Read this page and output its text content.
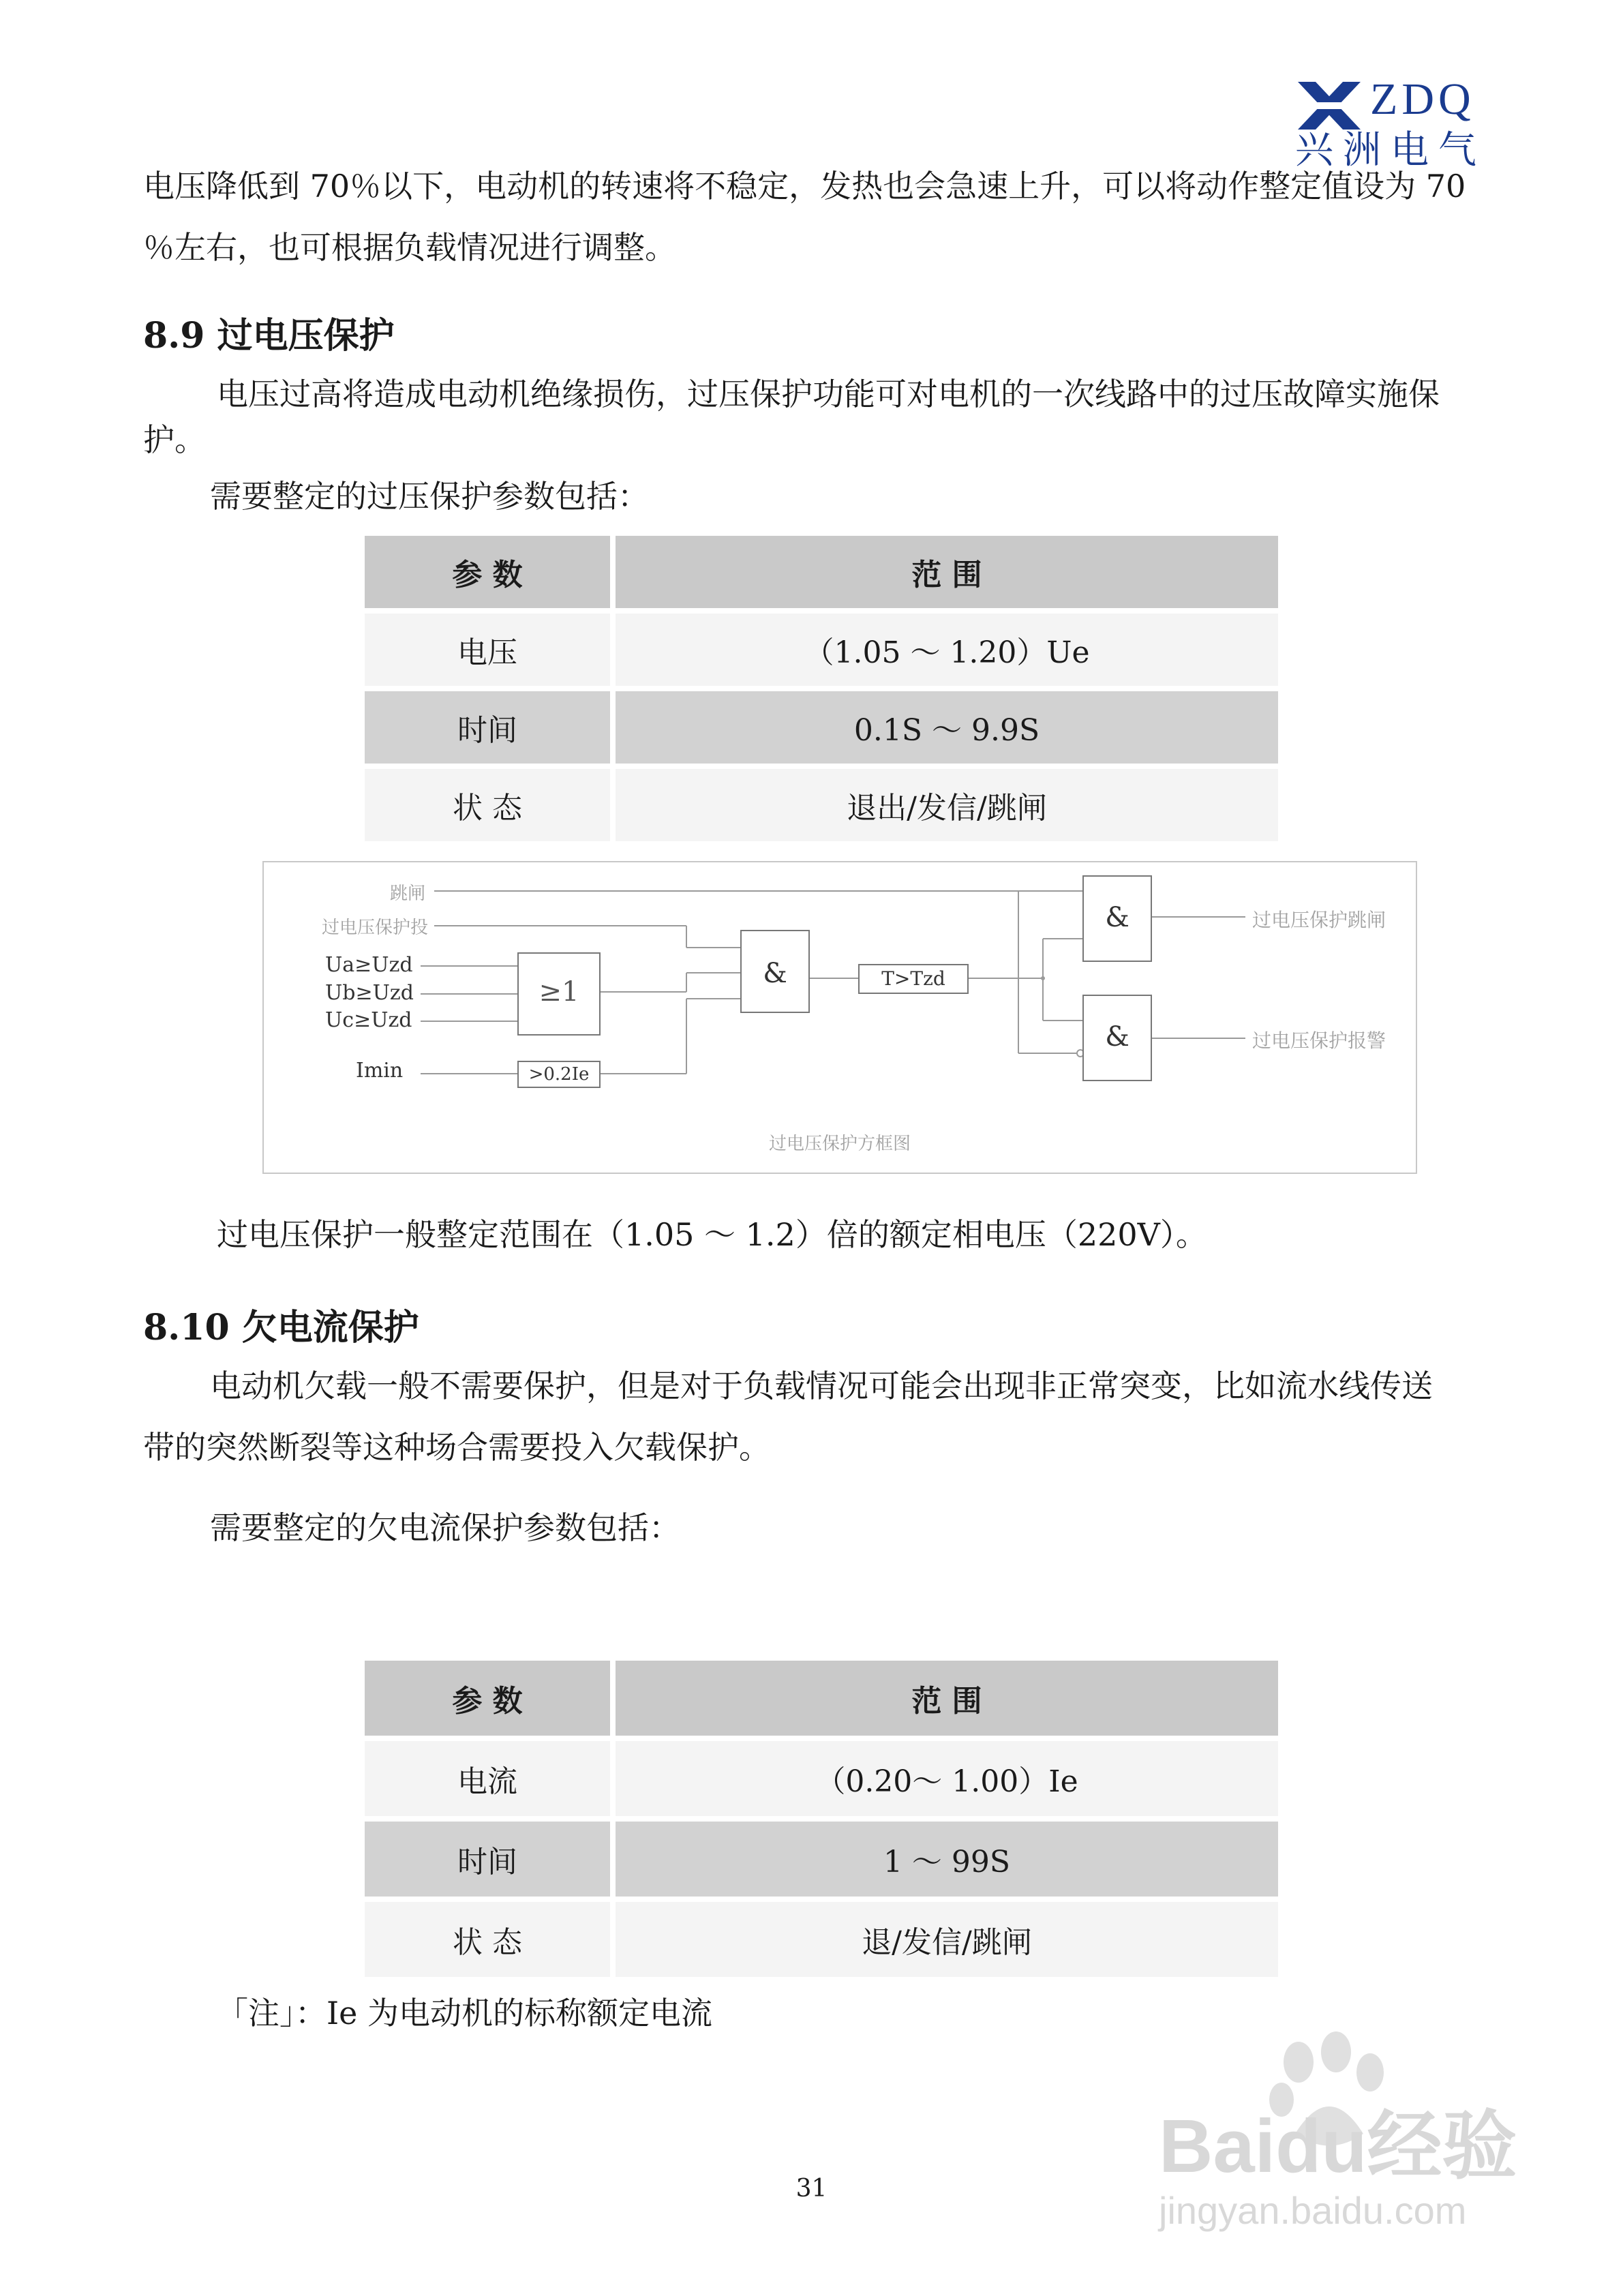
ZDQ
兴洲电气

电压降低到 70％以下，电动机的转速将不稳定，发热也会急速上升，可以将动作整定值设为 70

％左右，也可根据负载情况进行调整。

8.9 过电压保护

电压过高将造成电动机绝缘损伤，过压保护功能可对电机的一次线路中的过压故障实施保

护。

需要整定的过压保护参数包括：

参 数	范 围
电压	（1.05 ～ 1.20）Ue
时间	0.1S ～ 9.9S
状 态	退出/发信/跳闸
跳闸
过电压保护投
Ua≥Uzd
Ub≥Uzd
Uc≥Uzd
Imin
≥1
>0.2Ie
&	T>Tzd
&
&
过电压保护跳闸
过电压保护报警
过电压保护方框图

过电压保护一般整定范围在（1.05 ～ 1.2）倍的额定相电压（220V）。

8.10 欠电流保护

电动机欠载一般不需要保护，但是对于负载情况可能会出现非正常突变，比如流水线传送

带的突然断裂等这种场合需要投入欠载保护。

需要整定的欠电流保护参数包括：

参 数	范 围
电流	（0.20～ 1.00）Ie
时间	1 ～ 99S
状 态	退/发信/跳闸

「注」：Ie 为电动机的标称额定电流

Baidu经验
jingyan.baidu.com
31
